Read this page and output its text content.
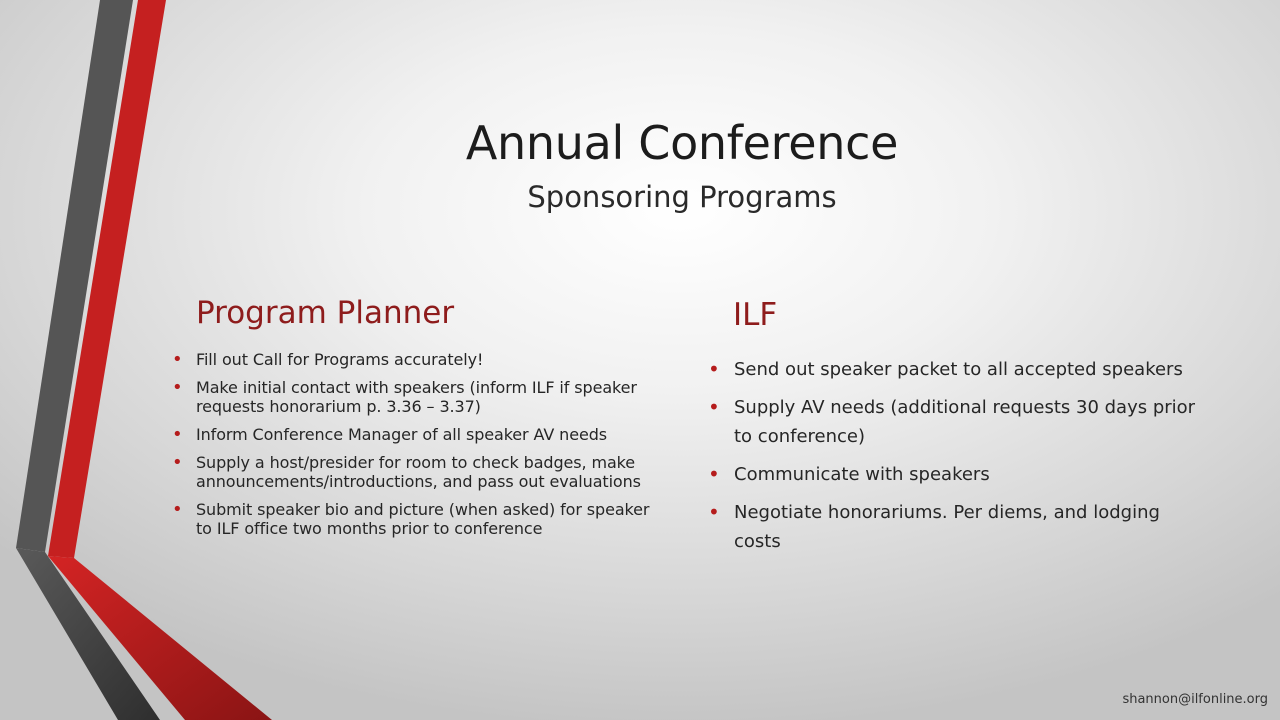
Annual Conference
Sponsoring Programs
Program Planner
• Fill out Call for Programs accurately!
• Make initial contact with speakers (inform ILF if speaker requests honorarium p. 3.36 – 3.37)
• Inform Conference Manager of all speaker AV needs
• Supply a host/presider for room to check badges, make announcements/introductions, and pass out evaluations
• Submit speaker bio and picture (when asked) for speaker to ILF office two months prior to conference
ILF
• Send out speaker packet to all accepted speakers
• Supply AV needs (additional requests 30 days prior to conference)
• Communicate with speakers
• Negotiate honorariums. Per diems, and lodging costs
shannon@ilfonline.org
